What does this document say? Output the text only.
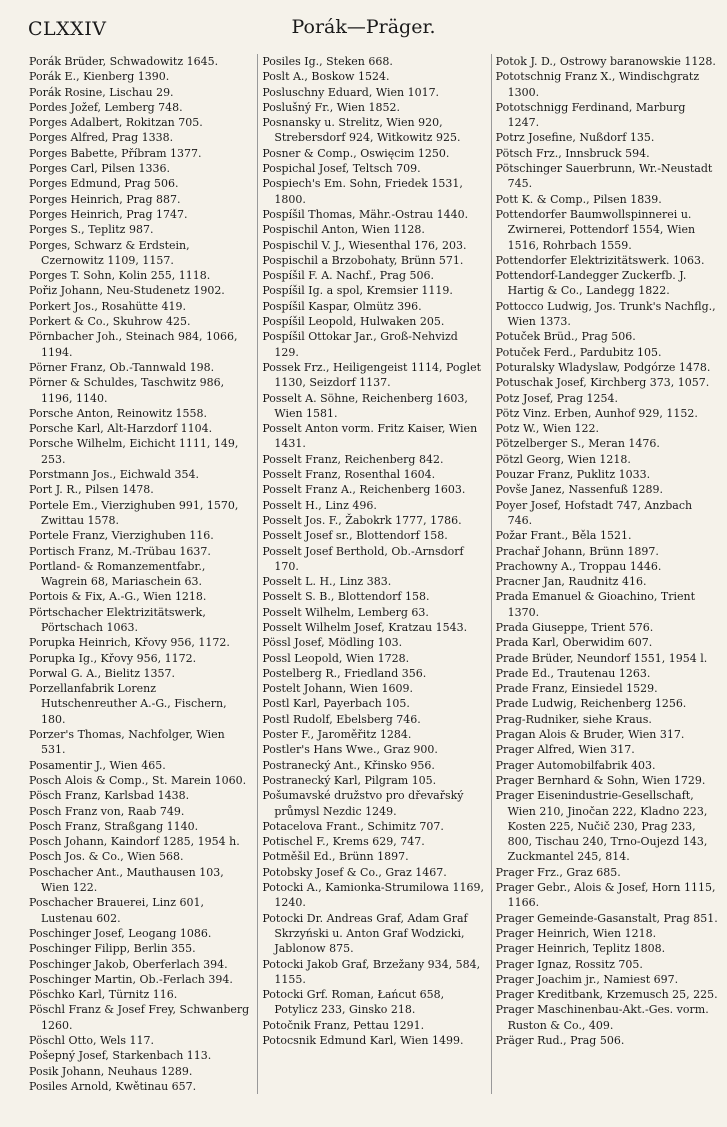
CLXXIV	Porák—Präger.
Porák Brüder, Schwadowitz 1645.
Porák E., Kienberg 1390.
Porák Rosine, Lischau 29.
Pordes Jožef, Lemberg 748.
Porges Adalbert, Rokitzan 705.
Porges Alfred, Prag 1338.
Porges Babette, Příbram 1377.
Porges Carl, Pilsen 1336.
Porges Edmund, Prag 506.
Porges Heinrich, Prag 887.
Porges Heinrich, Prag 1747.
Porges S., Teplitz 987.
Porges, Schwarz & Erdstein, Czernowitz 1109, 1157.
Porges T. Sohn, Kolin 255, 1118.
Pořiz Johann, Neu-Studenetz 1902.
Porkert Jos., Rosahütte 419.
Porkert & Co., Skuhrow 425.
Pörnbacher Joh., Steinach 984, 1066, 1194.
Pörner Franz, Ob.-Tannwald 198.
Pörner & Schuldes, Taschwitz 986, 1196, 1140.
Porsche Anton, Reinowitz 1558.
Porsche Karl, Alt-Harzdorf 1104.
Porsche Wilhelm, Eichicht 1111, 149, 253.
Porstmann Jos., Eichwald 354.
Port J. R., Pilsen 1478.
Portele Em., Vierzighuben 991, 1570, Zwittau 1578.
Portele Franz, Vierzighuben 116.
Portisch Franz, M.-Trübau 1637.
Portland- & Romanzementfabr., Wagrein 68, Mariaschein 63.
Portois & Fix, A.-G., Wien 1218.
Pörtschacher Elektrizitätswerk, Pörtschach 1063.
Porupka Heinrich, Křovy 956, 1172.
Porupka Ig., Křovy 956, 1172.
Porwal G. A., Bielitz 1357.
Porzellanfabrik Lorenz Hutschenreuther A.-G., Fischern, 180.
Porzer's Thomas, Nachfolger, Wien 531.
Posamentir J., Wien 465.
Posch Alois & Comp., St. Marein 1060.
Pösch Franz, Karlsbad 1438.
Posch Franz von, Raab 749.
Posch Franz, Straßgang 1140.
Posch Johann, Kaindorf 1285, 1954 h.
Posch Jos. & Co., Wien 568.
Poschacher Ant., Mauthausen 103, Wien 122.
Poschacher Brauerei, Linz 601, Lustenau 602.
Poschinger Josef, Leogang 1086.
Poschinger Filipp, Berlin 355.
Poschinger Jakob, Oberferlach 394.
Poschinger Martin, Ob.-Ferlach 394.
Pöschko Karl, Türnitz 116.
Pöschl Franz & Josef Frey, Schwanberg 1260.
Pöschl Otto, Wels 117.
Pošepný Josef, Starkenbach 113.
Posik Johann, Neuhaus 1289.
Posiles Arnold, Kwětinau 657.
Posiles Ig., Steken 668.
Poslt A., Boskow 1524.
Posluschny Eduard, Wien 1017.
Poslušný Fr., Wien 1852.
Posnansky u. Strelitz, Wien 920, Strebersdorf 924, Witkowitz 925.
Posner & Comp., Oswięcim 1250.
Pospichal Josef, Teltsch 709.
Pospiech's Em. Sohn, Friedek 1531, 1800.
Pospíšil Thomas, Mähr.-Ostrau 1440.
Pospischil Anton, Wien 1128.
Pospischil V. J., Wiesenthal 176, 203.
Pospischil a Brzobohaty, Brünn 571.
Pospíšil F. A. Nachf., Prag 506.
Pospíšil Ig. a spol, Kremsier 1119.
Pospíšil Kaspar, Olmütz 396.
Pospíšil Leopold, Hulwaken 205.
Pospíšil Ottokar Jar., Groß-Nehvizd 129.
Possek Frz., Heiligengeist 1114, Poglet 1130, Seizdorf 1137.
Posselt A. Söhne, Reichenberg 1603, Wien 1581.
Posselt Anton vorm. Fritz Kaiser, Wien 1431.
Posselt Franz, Reichenberg 842.
Posselt Franz, Rosenthal 1604.
Posselt Franz A., Reichenberg 1603.
Posselt H., Linz 496.
Posselt Jos. F., Žabokrk 1777, 1786.
Posselt Josef sr., Blottendorf 158.
Posselt Josef Berthold, Ob.-Arnsdorf 170.
Posselt L. H., Linz 383.
Posselt S. B., Blottendorf 158.
Posselt Wilhelm, Lemberg 63.
Posselt Wilhelm Josef, Kratzau 1543.
Pössl Josef, Mödling 103.
Possl Leopold, Wien 1728.
Postelberg R., Friedland 356.
Postelt Johann, Wien 1609.
Postl Karl, Payerbach 105.
Postl Rudolf, Ebelsberg 746.
Poster F., Jaroměřitz 1284.
Postler's Hans Wwe., Graz 900.
Postranecký Ant., Křinsko 956.
Postranecký Karl, Pilgram 105.
Pošumavské družstvo pro dřevařský průmysl Nezdic 1249.
Potacelova Frant., Schimitz 707.
Potischel F., Krems 629, 747.
Potměšil Ed., Brünn 1897.
Potobsky Josef & Co., Graz 1467.
Potocki A., Kamionka-Strumilowa 1169, 1240.
Potocki Dr. Andreas Graf, Adam Graf Skrzyński u. Anton Graf Wodzicki, Jablonow 875.
Potocki Jakob Graf, Brzežany 934, 584, 1155.
Potocki Grf. Roman, Łańcut 658, Potylicz 233, Ginsko 218.
Potočnik Franz, Pettau 1291.
Potocsnik Edmund Karl, Wien 1499.
Potok J. D., Ostrowy baranowskie 1128.
Pototschnig Franz X., Windischgratz 1300.
Pototschnigg Ferdinand, Marburg 1247.
Potrz Josefine, Nußdorf 135.
Pötsch Frz., Innsbruck 594.
Pötschinger Sauerbrunn, Wr.-Neustadt 745.
Pott K. & Comp., Pilsen 1839.
Pottendorfer Baumwollspinnerei u. Zwirnerei, Pottendorf 1554, Wien 1516, Rohrbach 1559.
Pottendorfer Elektrizitätswerk. 1063.
Pottendorf-Landegger Zuckerfb. J. Hartig & Co., Landegg 1822.
Pottocco Ludwig, Jos. Trunk's Nachflg., Wien 1373.
Potuček Brüd., Prag 506.
Potuček Ferd., Pardubitz 105.
Poturalsky Wladyslaw, Podgórze 1478.
Potuschak Josef, Kirchberg 373, 1057.
Potz Josef, Prag 1254.
Pötz Vinz. Erben, Aunhof 929, 1152.
Potz W., Wien 122.
Pötzelberger S., Meran 1476.
Pötzl Georg, Wien 1218.
Pouzar Franz, Puklitz 1033.
Povše Janez, Nassenfuß 1289.
Poyer Josef, Hofstadt 747, Anzbach 746.
Požar Frant., Běla 1521.
Prachař Johann, Brünn 1897.
Prachowny A., Troppau 1446.
Pracner Jan, Raudnitz 416.
Prada Emanuel & Gioachino, Trient 1370.
Prada Giuseppe, Trient 576.
Prada Karl, Oberwidim 607.
Prade Brüder, Neundorf 1551, 1954 l.
Prade Ed., Trautenau 1263.
Prade Franz, Einsiedel 1529.
Prade Ludwig, Reichenberg 1256.
Prag-Rudniker, siehe Kraus.
Pragan Alois & Bruder, Wien 317.
Prager Alfred, Wien 317.
Prager Automobilfabrik 403.
Prager Bernhard & Sohn, Wien 1729.
Prager Eisenindustrie-Gesellschaft, Wien 210, Jinočan 222, Kladno 223, Kosten 225, Nučič 230, Prag 233, 800, Tischau 240, Trno-Oujezd 143, Zuckmantel 245, 814.
Prager Frz., Graz 685.
Prager Gebr., Alois & Josef, Horn 1115, 1166.
Prager Gemeinde-Gasanstalt, Prag 851.
Prager Heinrich, Wien 1218.
Prager Heinrich, Teplitz 1808.
Prager Ignaz, Rossitz 705.
Prager Joachim jr., Namiest 697.
Prager Kreditbank, Krzemusch 25, 225.
Prager Maschinenbau-Akt.-Ges. vorm. Ruston & Co., 409.
Präger Rud., Prag 506.
